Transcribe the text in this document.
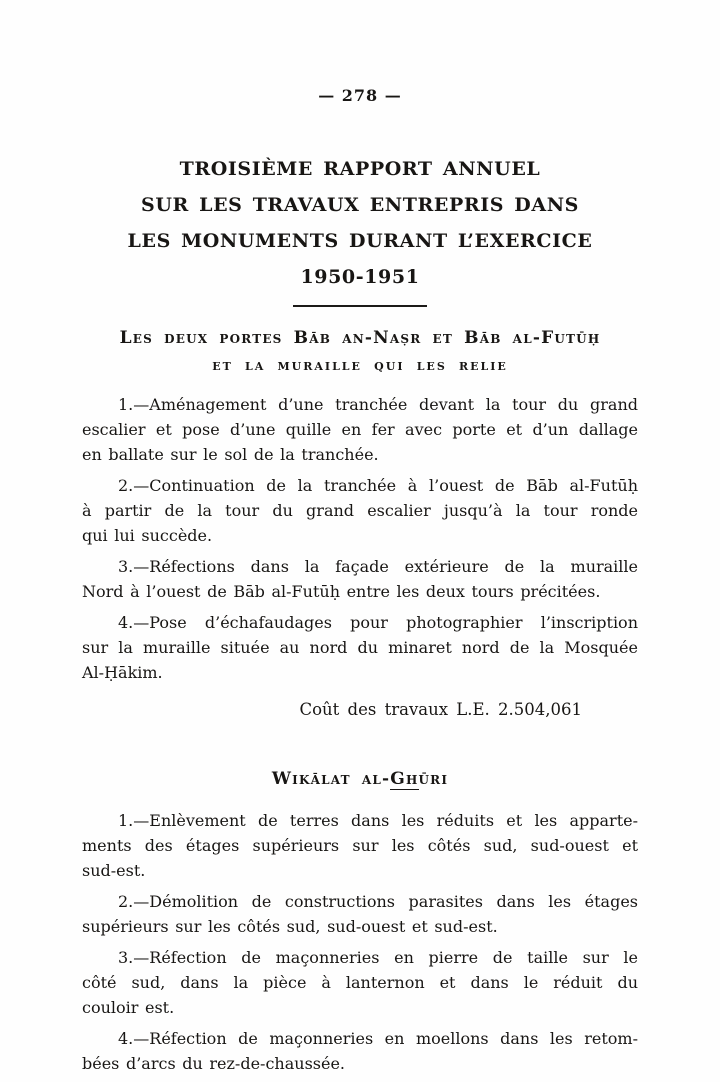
— 278 —
TROISIÈME RAPPORT ANNUEL
SUR LES TRAVAUX ENTREPRIS DANS
LES MONUMENTS DURANT L’EXERCICE
1950-1951
Les deux portes Bāb an-Naṣr et Bāb al-Futūḥ
et la muraille qui les relie
1.—Aménagement d’une tranchée devant la tour du grand
escalier et pose d’une quille en fer avec porte et d’un dallage
en ballate sur le sol de la tranchée.
2.—Continuation de la tranchée à l’ouest de Bāb al-Futūḥ
à partir de la tour du grand escalier jusqu’à la tour ronde
qui lui succède.
3.—Réfections dans la façade extérieure de la muraille
Nord à l’ouest de Bāb al-Futūḥ entre les deux tours précitées.
4.—Pose d’échafaudages pour photographier l’inscription
sur la muraille située au nord du minaret nord de la Mosquée
Al-Ḥākim.
Coût des travaux L.E. 2.504,061
Wikālat al-Ghūri
1.—Enlèvement de terres dans les réduits et les apparte-
ments des étages supérieurs sur les côtés sud, sud-ouest et
sud-est.
2.—Démolition de constructions parasites dans les étages
supérieurs sur les côtés sud, sud-ouest et sud-est.
3.—Réfection de maçonneries en pierre de taille sur le
côté sud, dans la pièce à lanternon et dans le réduit du
couloir est.
4.—Réfection de maçonneries en moellons dans les retom-
bées d’arcs du rez-de-chaussée.
